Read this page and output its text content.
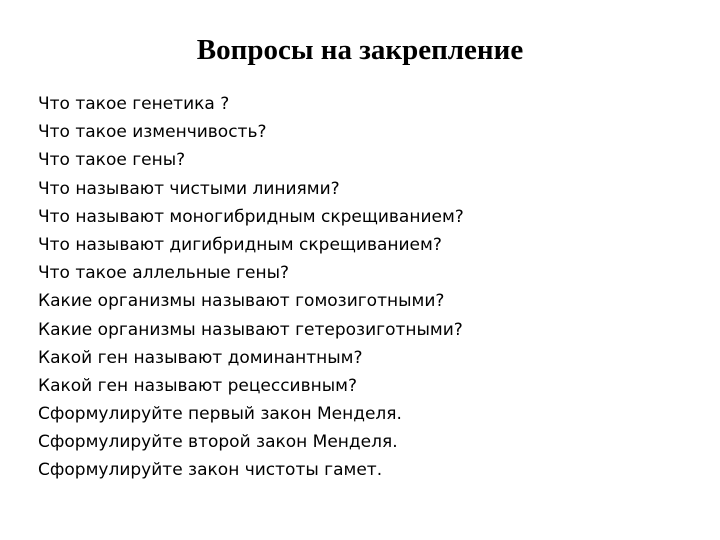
Вопросы на закрепление
Что такое генетика ?
Что такое изменчивость?
Что такое гены?
Что называют чистыми линиями?
Что называют моногибридным скрещиванием?
Что называют дигибридным скрещиванием?
Что такое аллельные гены?
Какие организмы называют гомозиготными?
Какие организмы называют гетерозиготными?
Какой ген называют доминантным?
Какой ген называют рецессивным?
Сформулируйте первый закон Менделя.
Сформулируйте второй закон Менделя.
Сформулируйте закон чистоты гамет.
